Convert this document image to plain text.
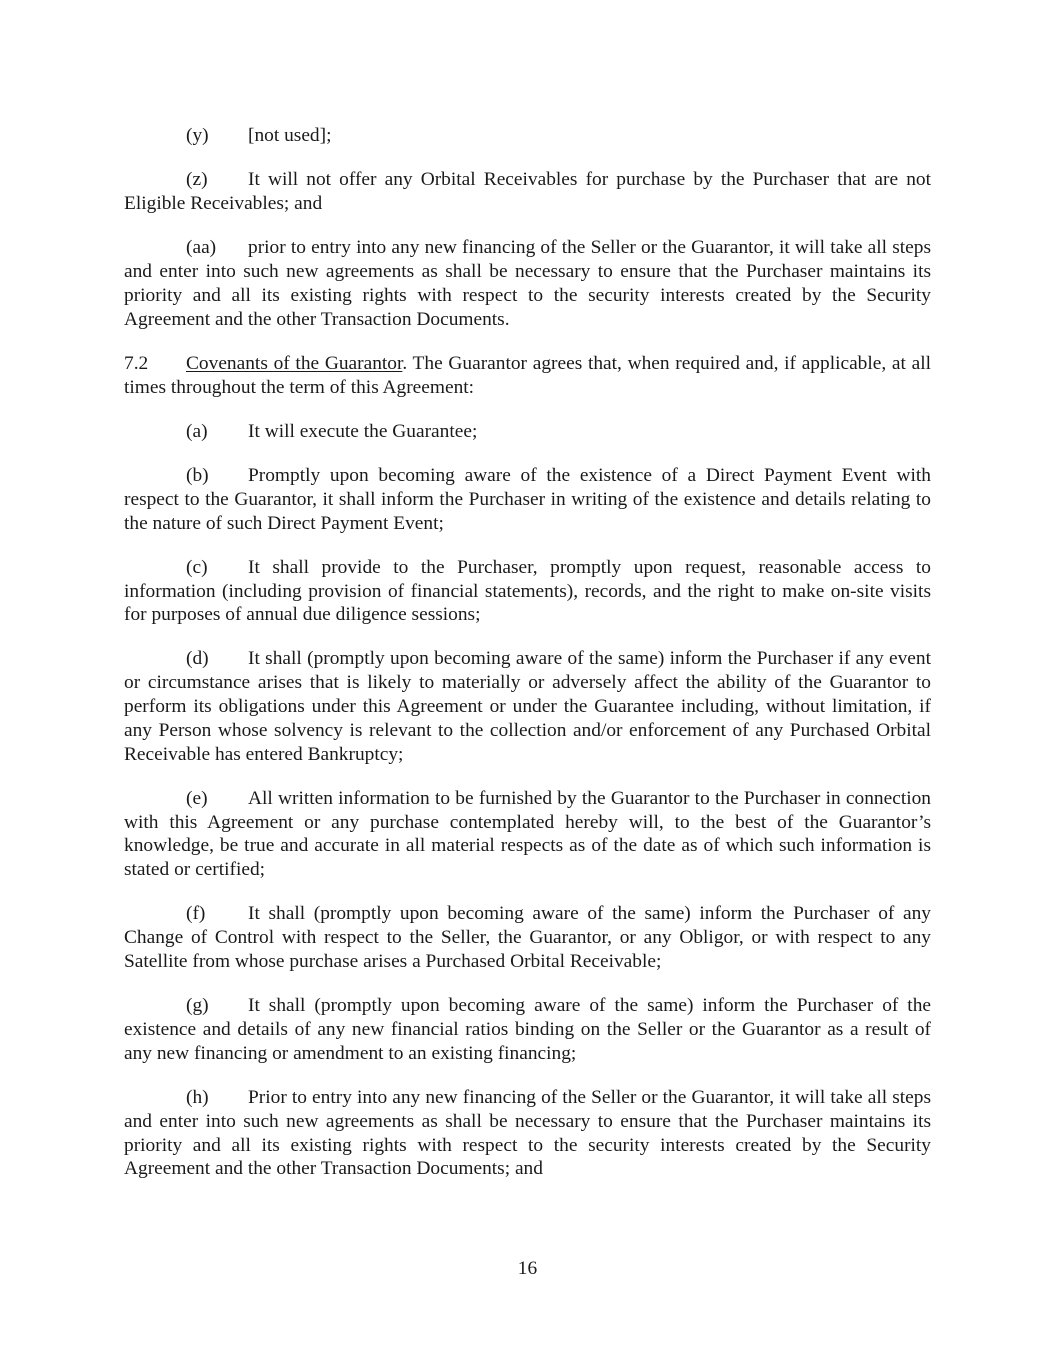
(y) [not used];

(z) It will not offer any Orbital Receivables for purchase by the Purchaser that are not Eligible Receivables; and

(aa) prior to entry into any new financing of the Seller or the Guarantor, it will take all steps and enter into such new agreements as shall be necessary to ensure that the Purchaser maintains its priority and all its existing rights with respect to the security interests created by the Security Agreement and the other Transaction Documents.

7.2 Covenants of the Guarantor. The Guarantor agrees that, when required and, if applicable, at all times throughout the term of this Agreement:

(a) It will execute the Guarantee;

(b) Promptly upon becoming aware of the existence of a Direct Payment Event with respect to the Guarantor, it shall inform the Purchaser in writing of the existence and details relating to the nature of such Direct Payment Event;

(c) It shall provide to the Purchaser, promptly upon request, reasonable access to information (including provision of financial statements), records, and the right to make on-site visits for purposes of annual due diligence sessions;

(d) It shall (promptly upon becoming aware of the same) inform the Purchaser if any event or circumstance arises that is likely to materially or adversely affect the ability of the Guarantor to perform its obligations under this Agreement or under the Guarantee including, without limitation, if any Person whose solvency is relevant to the collection and/or enforcement of any Purchased Orbital Receivable has entered Bankruptcy;

(e) All written information to be furnished by the Guarantor to the Purchaser in connection with this Agreement or any purchase contemplated hereby will, to the best of the Guarantor’s knowledge, be true and accurate in all material respects as of the date as of which such information is stated or certified;

(f) It shall (promptly upon becoming aware of the same) inform the Purchaser of any Change of Control with respect to the Seller, the Guarantor, or any Obligor, or with respect to any Satellite from whose purchase arises a Purchased Orbital Receivable;

(g) It shall (promptly upon becoming aware of the same) inform the Purchaser of the existence and details of any new financial ratios binding on the Seller or the Guarantor as a result of any new financing or amendment to an existing financing;

(h) Prior to entry into any new financing of the Seller or the Guarantor, it will take all steps and enter into such new agreements as shall be necessary to ensure that the Purchaser maintains its priority and all its existing rights with respect to the security interests created by the Security Agreement and the other Transaction Documents; and

16
